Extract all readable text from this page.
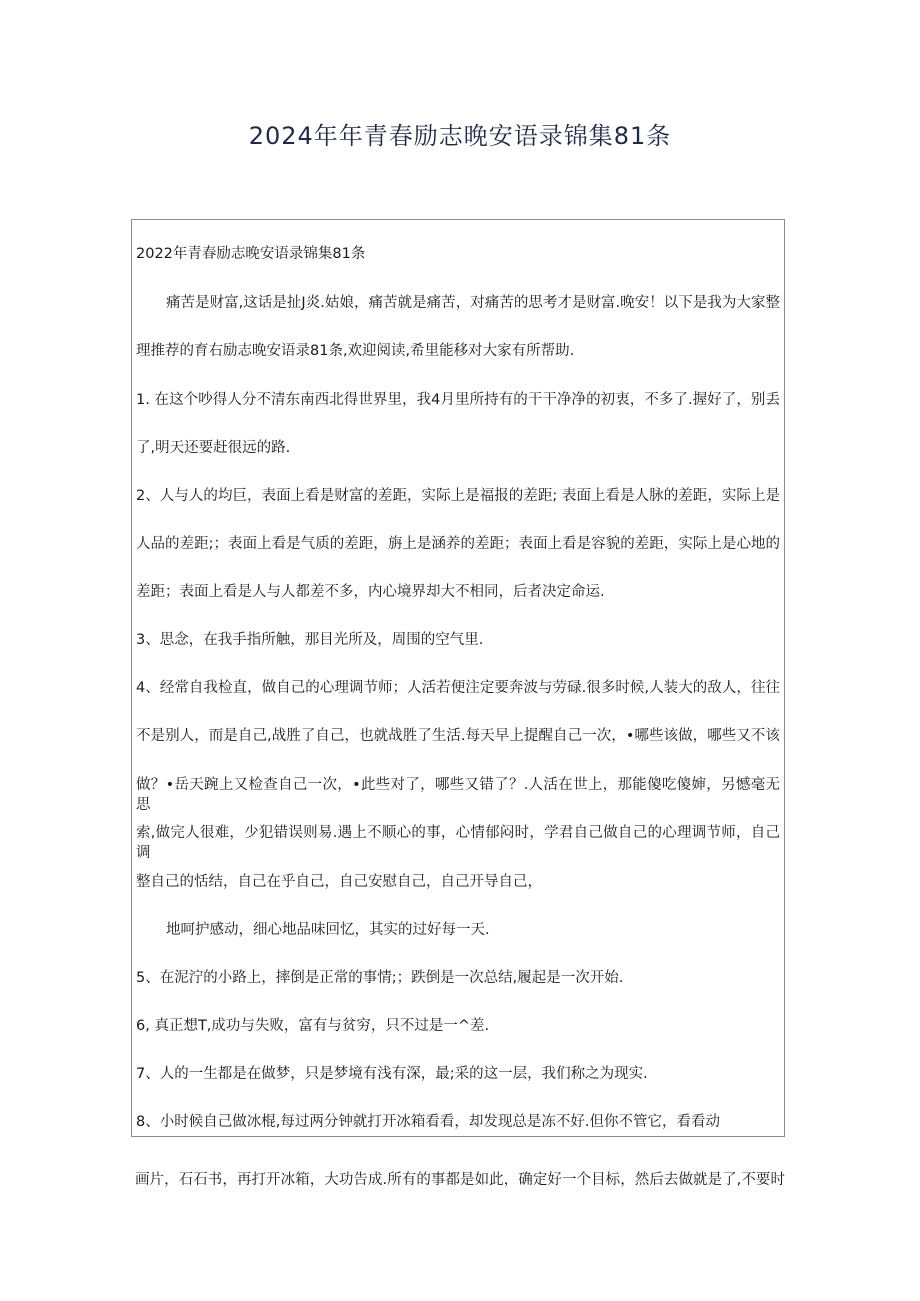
2024年年青春励志晚安语录锦集81条
2022年青春励志晚安语录锦集81条
痛苦是财富,这话是扯J炎.姑娘，痛苦就是痛苦，对痛苦的思考才是财富.晚安！以下是我为大家整
理推荐的育右励志晚安语录81条,欢迎阅读,希里能移对大家有所帮助.
1. 在这个吵得人分不清东南西北得世界里，我4月里所持有的干干净净的初衷，不多了.握好了，别丢
了,明天还要赶很远的路.
2、人与人的均巨，表面上看是财富的差距，实际上是福报的差距; 表面上看是人脉的差距，实际上是
人品的差距;；表面上看是气质的差距，旃上是涵养的差距；表面上看是容貌的差距，实际上是心地的
差距；表面上看是人与人都差不多，内心境界却大不相同，后者决定命运.
3、思念，在我手指所触，那目光所及，周围的空气里.
4、经常自我检直，做自己的心理调节师；人活若便注定要奔波与劳碌.很多时候,人装大的敌人，往往
不是别人，而是自己,战胜了自己，也就战胜了生活.每天早上提醒自己一次，•哪些该做，哪些又不该
做？•岳天踠上又检查自己一次，•此些对了，哪些又错了？.人活在世上，那能傻吃傻婶，另憾毫无思
索,做完人很难，少犯错误则易.遇上不顺心的事，心情郁闷时，学君自己做自己的心理调节师，自己调
整自己的恬结，自己在乎自己，自己安慰自己，自己开导自己，
地呵护感动，细心地品味回忆，其实的过好每一天.
5、在泥泞的小路上，摔倒是正常的事情;；跌倒是一次总结,履起是一次开始.
6, 真正想T,成功与失败，富有与贫穷，只不过是一^差.
7、人的一生都是在做梦，只是梦境有浅有深，最;采的这一层，我们称之为现实.
8、小时候自己做冰棍,每过两分钟就打开冰箱看看，却发现总是冻不好.但你不管它，看看动
画片，石石书，再打开冰箱，大功告成.所有的事都是如此，确定好一个目标，然后去做就是了,不要时
